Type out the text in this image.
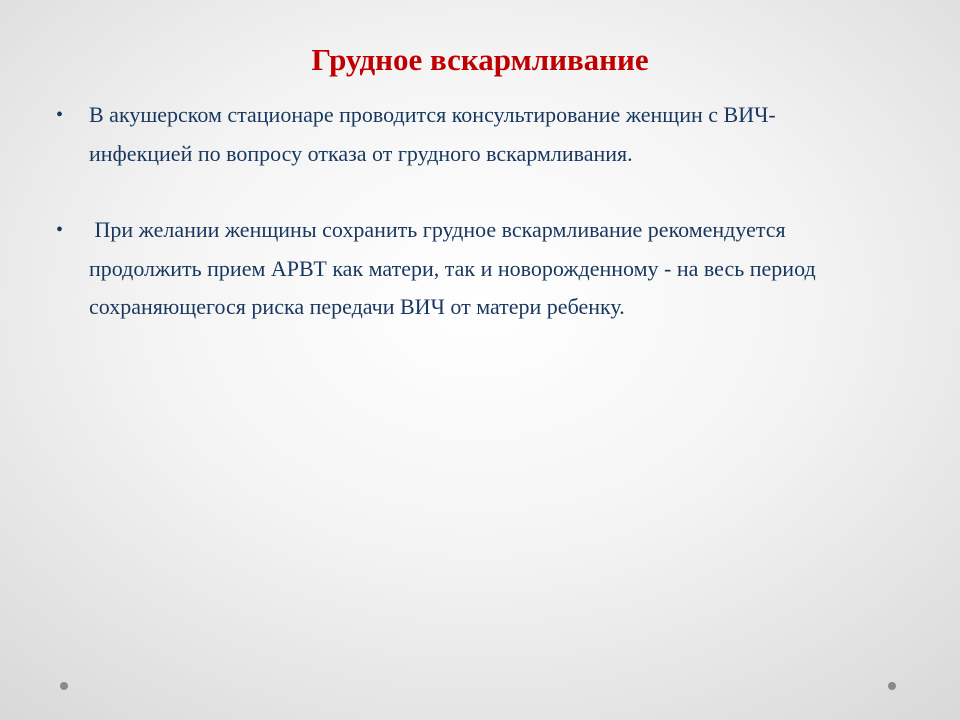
Грудное вскармливание
• В акушерском стационаре проводится консультирование женщин с ВИЧ-инфекцией по вопросу отказа от грудного вскармливания.
• При желании женщины сохранить грудное вскармливание рекомендуется продолжить прием АРВТ как матери, так и новорожденному - на весь период сохраняющегося риска передачи ВИЧ от матери ребенку.
